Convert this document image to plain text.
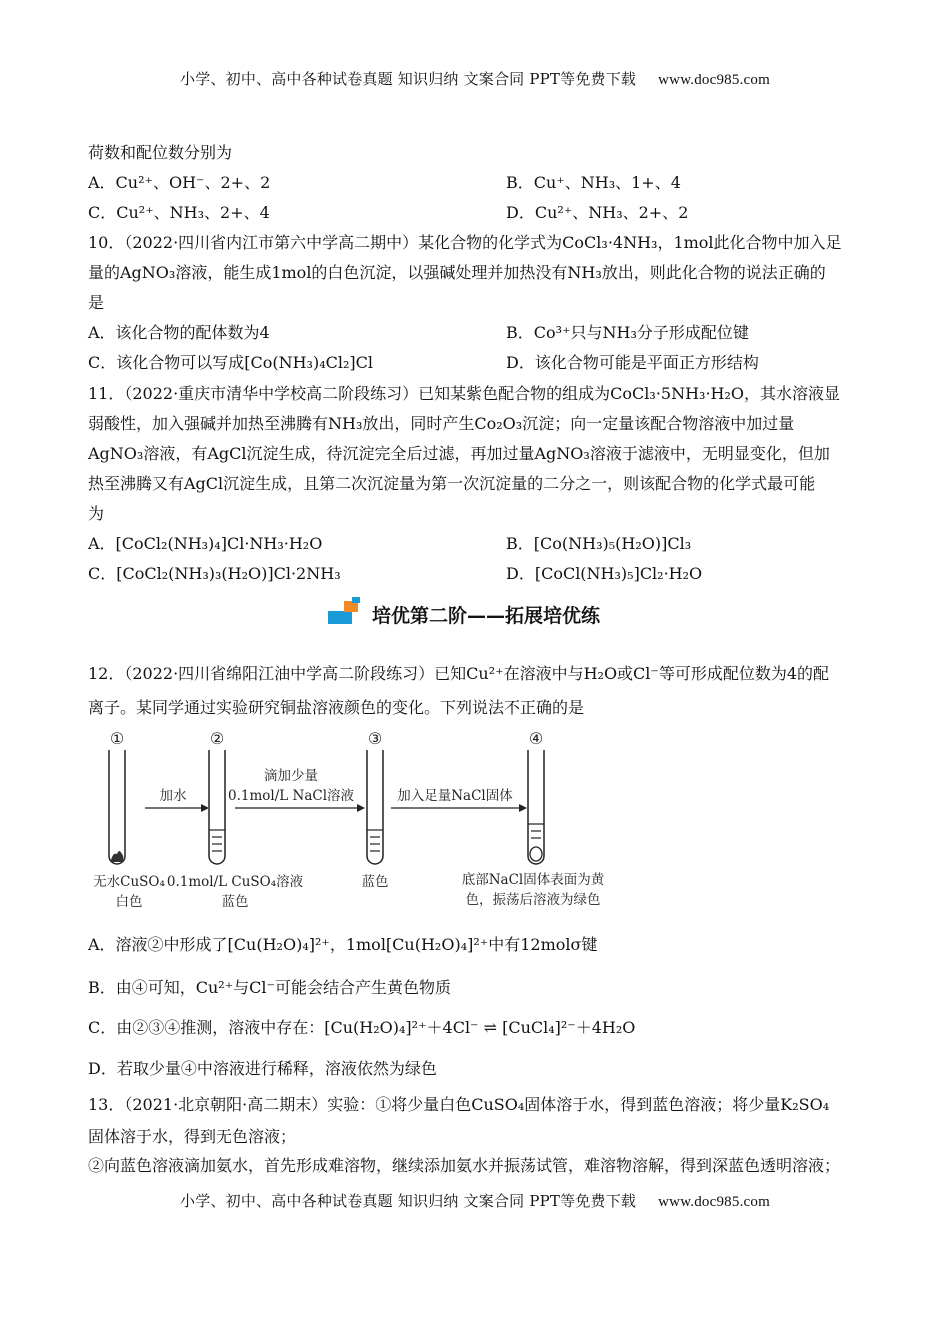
小学、初中、高中各种试卷真题 知识归纳 文案合同 PPT等免费下载 www.doc985.com
荷数和配位数分别为
A．Cu²⁺、OH⁻、2+、2	B．Cu⁺、NH₃、1+、4
C．Cu²⁺、NH₃、2+、4	D．Cu²⁺、NH₃、2+、2
10．（2022·四川省内江市第六中学高二期中）某化合物的化学式为CoCl₃·4NH₃，1mol此化合物中加入足
量的AgNO₃溶液，能生成1mol的白色沉淀，以强碱处理并加热没有NH₃放出，则此化合物的说法正确的
是
A．该化合物的配体数为4	B．Co³⁺只与NH₃分子形成配位键
C．该化合物可以写成[Co(NH₃)₄Cl₂]Cl	D．该化合物可能是平面正方形结构
11．（2022·重庆市清华中学校高二阶段练习）已知某紫色配合物的组成为CoCl₃·5NH₃·H₂O，其水溶液显
弱酸性，加入强碱并加热至沸腾有NH₃放出，同时产生Co₂O₃沉淀；向一定量该配合物溶液中加过量
AgNO₃溶液，有AgCl沉淀生成，待沉淀完全后过滤，再加过量AgNO₃溶液于滤液中，无明显变化，但加
热至沸腾又有AgCl沉淀生成，且第二次沉淀量为第一次沉淀量的二分之一，则该配合物的化学式最可能
为
A．[CoCl₂(NH₃)₄]Cl·NH₃·H₂O	B．[Co(NH₃)₅(H₂O)]Cl₃
C．[CoCl₂(NH₃)₃(H₂O)]Cl·2NH₃	D．[CoCl(NH₃)₅]Cl₂·H₂O
培优第二阶——拓展培优练
12．（2022·四川省绵阳江油中学高二阶段练习）已知Cu²⁺在溶液中与H₂O或Cl⁻等可形成配位数为4的配
离子。某同学通过实验研究铜盐溶液颜色的变化。下列说法不正确的是
①	②	③	④
加水
滴加少量
0.1mol/L NaCl溶液	加入足量NaCl固体
无水CuSO₄
白色
0.1mol/L CuSO₄溶液
蓝色
蓝色	底部NaCl固体表面为黄
色，振荡后溶液为绿色
A．溶液②中形成了[Cu(H₂O)₄]²⁺，1mol[Cu(H₂O)₄]²⁺中有12molσ键
B．由④可知，Cu²⁺与Cl⁻可能会结合产生黄色物质
C．由②③④推测，溶液中存在：[Cu(H₂O)₄]²⁺＋4Cl⁻ ⇌ [CuCl₄]²⁻＋4H₂O
D．若取少量④中溶液进行稀释，溶液依然为绿色
13．（2021·北京朝阳·高二期末）实验：①将少量白色CuSO₄固体溶于水，得到蓝色溶液；将少量K₂SO₄
固体溶于水，得到无色溶液；
②向蓝色溶液滴加氨水，首先形成难溶物，继续添加氨水并振荡试管，难溶物溶解，得到深蓝色透明溶液；
小学、初中、高中各种试卷真题 知识归纳 文案合同 PPT等免费下载 www.doc985.com
